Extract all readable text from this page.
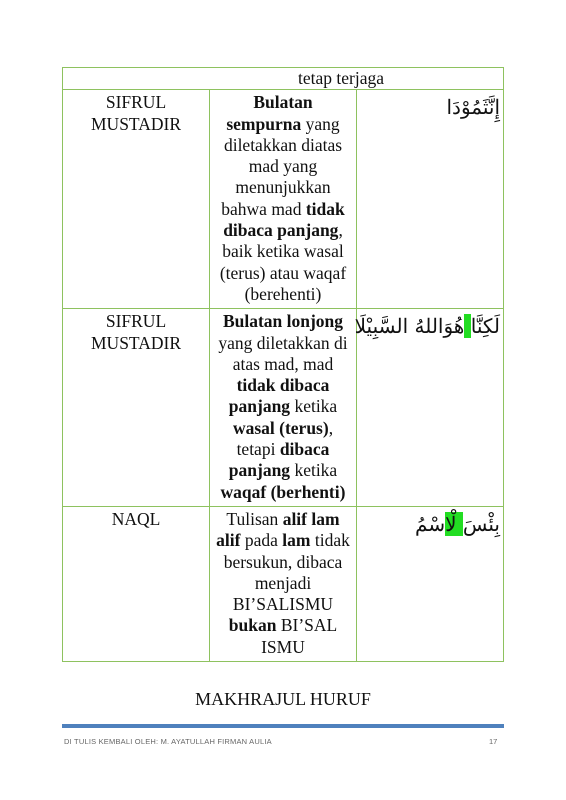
tetap terjaga		
SIFRUL MUSTADIR	Bulatan sempurna yang diletakkan diatas mad yang menunjukkan bahwa mad tidak dibaca panjang, baik ketika wasal (terus) atau waqaf (berehenti)	إِنَّثَمُوْدَا
SIFRUL MUSTADIR	Bulatan lonjong yang diletakkan di atas mad, mad tidak dibaca panjang ketika wasal (terus), tetapi dibaca panjang ketika waqaf (berhenti)	لَكِنَّا هُوَاللهُ السَّبِيْلَا
NAQL	Tulisan alif lam alif pada lam tidak bersukun, dibaca menjadi BI’SALISMU bukan BI’SAL ISMU	بِئْسَ لْاسْمُ
MAKHRAJUL HURUF
DI TULIS KEMBALI OLEH: M. AYATULLAH FIRMAN AULIA	17
